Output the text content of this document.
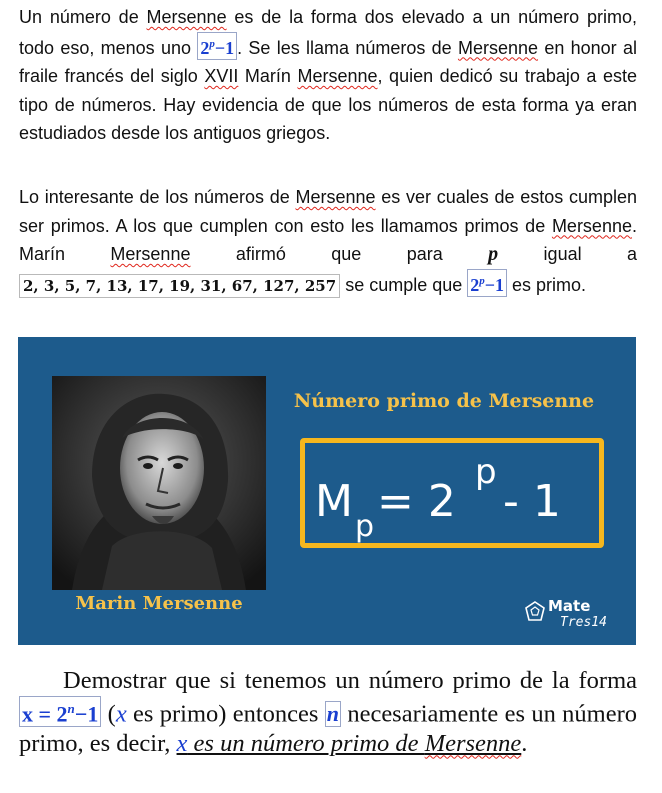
Un número de Mersenne es de la forma dos elevado a un número primo, todo eso, menos uno $2^p-1$ . Se les llama números de Mersenne en honor al fraile francés del siglo XVII Marín Mersenne, quien dedicó su trabajo a este tipo de números. Hay evidencia de que los números de esta forma ya eran estudiados desde los antiguos griegos.
Lo interesante de los números de Mersenne es ver cuales de estos cumplen ser primos. A los que cumplen con esto les llamamos primos de Mersenne. Marín Mersenne afirmó que para p igual a 2, 3, 5, 7, 13, 17, 19, 31, 67, 127, 257 se cumple que $2^p-1$ es primo.
Número primo de Mersenne
M p = 2
p
- 1
Marin Mersenne	Mate
Tres14
Demostrar que si tenemos un número primo de la forma $x = 2^n-1$ (x es primo) entonces n necesariamente es un número primo, es decir, x es un número primo de Mersenne.
